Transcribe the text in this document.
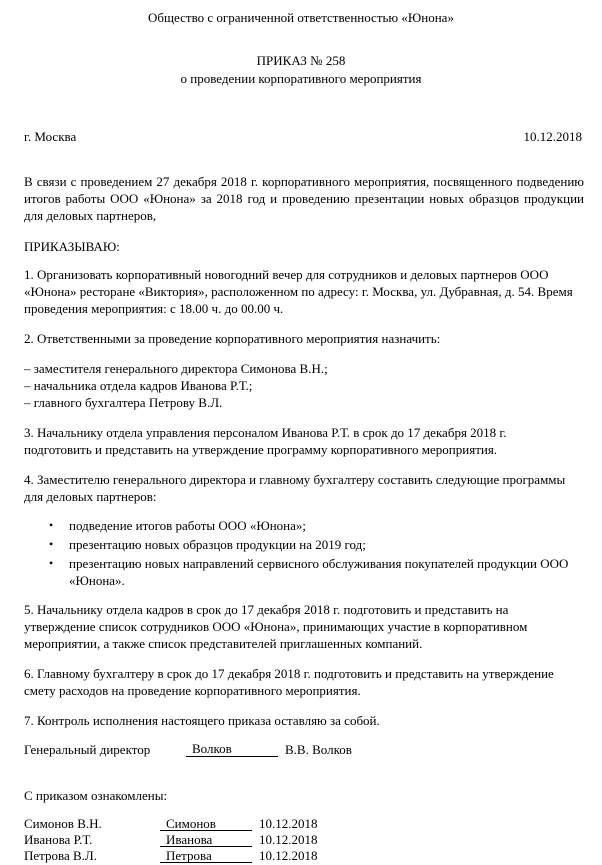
Общество с ограниченной ответственностью «Юнона»
ПРИКАЗ № 258
о проведении корпоративного мероприятия
г. Москва	10.12.2018
В связи с проведением 27 декабря 2018 г. корпоративного мероприятия, посвященного подведению итогов работы ООО «Юнона» за 2018 год и проведению презентации новых образцов продукции для деловых партнеров,
ПРИКАЗЫВАЮ:
1. Организовать корпоративный новогодний вечер для сотрудников и деловых партнеров ООО
«Юнона» ресторане «Виктория», расположенном по адресу: г. Москва, ул. Дубравная, д. 54. Время
проведения мероприятия: с 18.00 ч. до 00.00 ч.
2. Ответственными за проведение корпоративного мероприятия назначить:
– заместителя генерального директора Симонова В.Н.;
– начальника отдела кадров Иванова Р.Т.;
– главного бухгалтера Петрову В.Л.
3. Начальнику отдела управления персоналом Иванова Р.Т. в срок до 17 декабря 2018 г.
подготовить и представить на утверждение программу корпоративного мероприятия.
4. Заместителю генерального директора и главному бухгалтеру составить следующие программы
для деловых партнеров:
• подведение итогов работы ООО «Юнона»;
• презентацию новых образцов продукции на 2019 год;
• презентацию новых направлений сервисного обслуживания покупателей продукции ООО
«Юнона».
5. Начальнику отдела кадров в срок до 17 декабря 2018 г. подготовить и представить на
утверждение список сотрудников ООО «Юнона», принимающих участие в корпоративном
мероприятии, а также список представителей приглашенных компаний.
6. Главному бухгалтеру в срок до 17 декабря 2018 г. подготовить и представить на утверждение
смету расходов на проведение корпоративного мероприятия.
7. Контроль исполнения настоящего приказа оставляю за собой.
Генеральный директор	Волков	В.В. Волков
С приказом ознакомлены:
Симонов В.Н.	Симонов	10.12.2018
Иванова Р.Т.	Иванова	10.12.2018
Петрова В.Л.	Петрова	10.12.2018
